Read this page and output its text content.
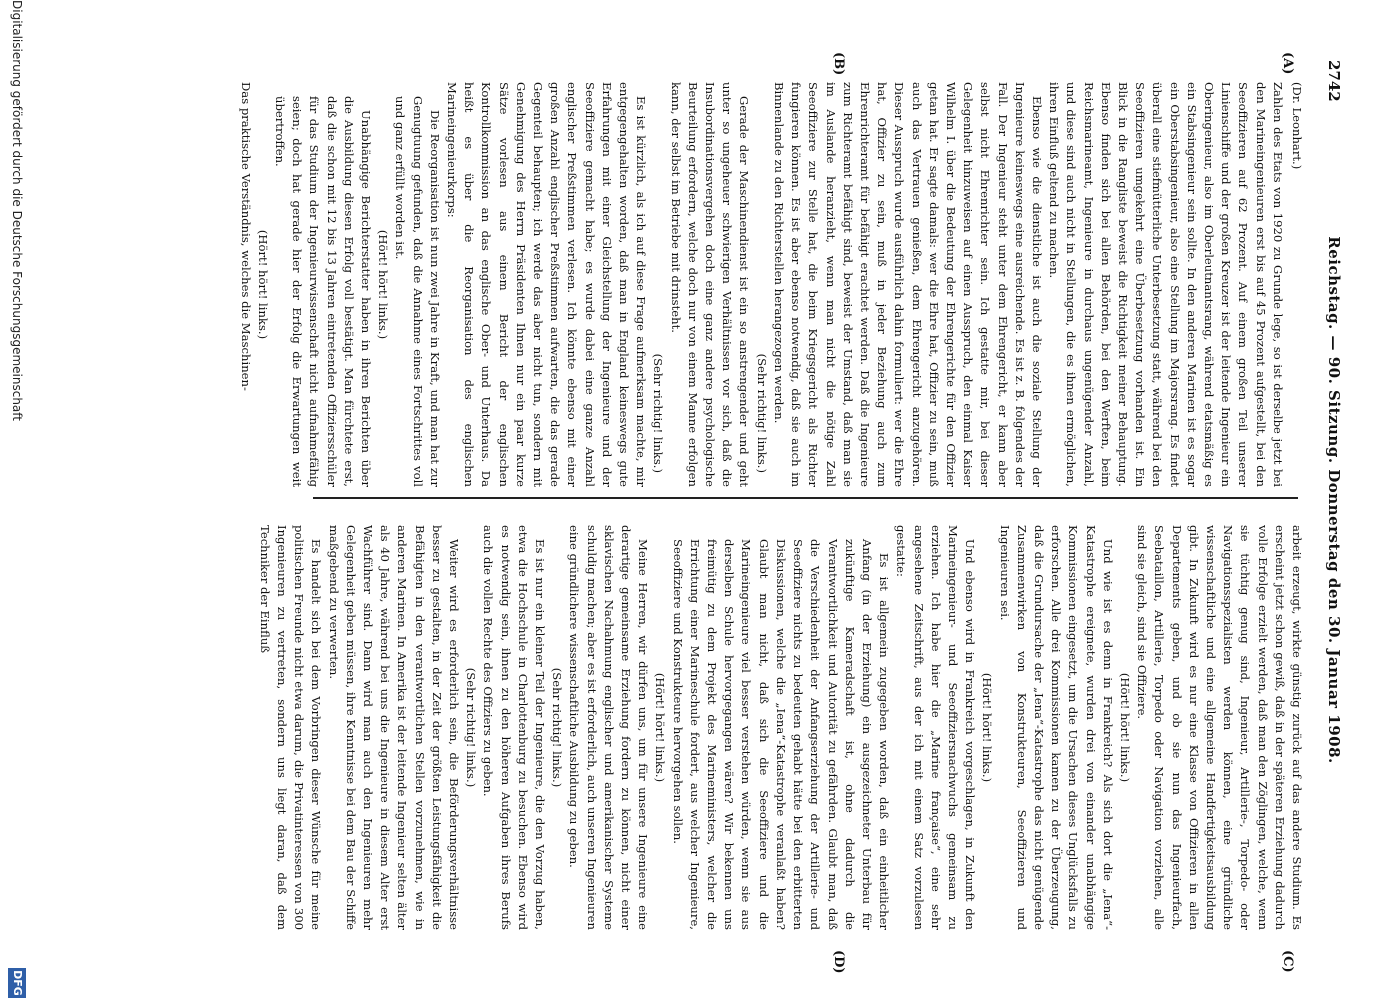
2742
Reichstag. — 90. Sitzung. Donnerstag den 30. Januar 1908.
(A)
(B)
(C)
(D)

(Dr. Leonhart.)

Zahlen des Etats von 1920 zu Grunde lege, so ist derselbe jetzt bei den Marineingenieuren erst bis auf 45 Prozent aufgestellt, bei den Seeoffizieren auf 62 Prozent. Auf einem großen Teil unserer Linienschiffe und der großen Kreuzer ist der leitende Ingenieur ein Oberingenieur, also im Oberleutnantsrang, während etatsmäßig es ein Stabsingenieur sein sollte. In den anderen Marinen ist es sogar ein Oberstabsingenieur, also eine Stellung im Majorsrang. Es findet überall eine stiefmütterliche Unterbesetzung statt, während bei den Seeoffizieren umgekehrt eine Überbesetzung vorhanden ist. Ein Blick in die Rangliste beweist die Richtigkeit meiner Behauptung. Ebenso finden sich bei allen Behörden, bei den Werften, beim Reichsmarineamt, Ingenieure in durchaus ungenügender Anzahl, und diese sind auch nicht in Stellungen, die es ihnen ermöglichen, ihren Einfluß geltend zu machen.

Ebenso wie die dienstliche ist auch die soziale Stellung der Ingenieure keineswegs eine ausreichende. Es ist z. B. folgendes der Fall. Der Ingenieur steht unter dem Ehrengericht, er kann aber selbst nicht Ehrenrichter sein. Ich gestatte mir, bei dieser Gelegenheit hinzuweisen auf einen Ausspruch, den einmal Kaiser Wilhelm I. über die Bedeutung der Ehrengerichte für den Offizier getan hat. Er sagte damals: wer die Ehre hat, Offizier zu sein, muß auch das Vertrauen genießen, dem Ehrengericht anzugehören. Dieser Ausspruch wurde ausführlich dahin formuliert: wer die Ehre hat, Offizier zu sein, muß in jeder Beziehung auch zum Ehrenrichteramt für befähigt erachtet werden. Daß die Ingenieure zum Richteramt befähigt sind, beweist der Umstand, daß man sie im Auslande heranzieht, wenn man nicht die nötige Zahl Seeoffiziere zur Stelle hat, die beim Kriegsgericht als Richter fungieren können. Es ist aber ebenso notwendig, daß sie auch im Binnenlande zu den Richterstellen herangezogen werden.

(Sehr richtig! links.)

Gerade der Maschinendienst ist ein so anstrengender und geht unter so ungeheuer schwierigen Verhältnissen vor sich, daß die Insubordinationsvergehen doch eine ganz andere psychologische Beurteilung erfordern, welche doch nur von einem Manne erfolgen kann, der selbst im Betriebe mit drinsteht.

(Sehr richtig! links.)

Es ist kürzlich, als ich auf diese Frage aufmerksam machte, mir entgegengehalten worden, daß man in England keineswegs gute Erfahrungen mit einer Gleichstellung der Ingenieure und der Seeoffiziere gemacht habe; es wurde dabei eine ganze Anzahl englischer Preßstimmen verlesen. Ich könnte ebenso mit einer großen Anzahl englischer Preßstimmen aufwarten, die das gerade Gegenteil behaupten; ich werde das aber nicht tun, sondern mit Genehmigung des Herrn Präsidenten Ihnen nur ein paar kurze Sätze vorlesen aus einem Bericht der englischen Kontrollkommission an das englische Ober- und Unterhaus. Da heißt es über die Reorganisation des englischen Marineingenieurkorps:

Die Reorganisation ist nun zwei Jahre in Kraft, und man hat zur Genugtuung gefunden, daß die Annahme eines Fortschrittes voll und ganz erfüllt worden ist.

(Hört! hört! links.)

Unabhängige Berichterstatter haben in ihren Berichten über die Ausbildung diesen Erfolg voll bestätigt. Man fürchtete erst, daß die schon mit 12 bis 13 Jahren eintretenden Offiziersschüler für das Studium der Ingenieurwissenschaft nicht aufnahmefähig seien; doch hat gerade hier der Erfolg die Erwartungen weit übertroffen.

(Hört! hört! links.)

Das praktische Verständnis, welches die Maschinen-

arbeit erzeugt, wirkte günstig zurück auf das andere Studium. Es erscheint jetzt schon gewiß, daß in der späteren Erziehung dadurch volle Erfolge erzielt werden, daß man den Zöglingen, welche, wenn sie tüchtig genug sind, Ingenieur, Artillerie-, Torpedo- oder Navigationsspezialisten werden können, eine gründliche wissenschaftliche und eine allgemeine Handfertigkeitsausbildung gibt. In Zukunft wird es nur eine Klasse von Offizieren in allen Departements geben, und ob sie nun das Ingenieurfach, Seebataillon, Artillerie, Torpedo oder Navigation vorziehen, alle sind sie gleich, sind sie Offiziere.

(Hört! hört! links.)

Und wie ist es denn in Frankreich? Als sich dort die „Iena“-Katastrophe ereignete, wurden drei von einander unabhängige Kommissionen eingesetzt, um die Ursachen dieses Unglücksfalls zu erforschen. Alle drei Kommissionen kamen zu der Überzeugung, daß die Grundursache der „Iena“-Katastrophe das nicht genügende Zusammenwirken von Konstrukteuren, Seeoffizieren und Ingenieuren sei.

(Hört! hört! links.)

Und ebenso wird in Frankreich vorgeschlagen, in Zukunft den Marineingenieur- und Seeoffiziersnachwuchs gemeinsam zu erziehen. Ich habe hier die „Marine française“, eine sehr angesehene Zeitschrift, aus der ich mit einem Satz vorzulesen gestatte:

Es ist allgemein zugegeben worden, daß ein einheitlicher Anfang (in der Erziehung) ein ausgezeichneter Unterbau für zukünftige Kameradschaft ist, ohne dadurch die Verantwortlichkeit und Autorität zu gefährden. Glaubt man, daß die Verschiedenheit der Anfangserziehung der Artillerie- und Seeoffiziere nichts zu bedeuten gehabt hätte bei den erbitterten Diskussionen, welche die „Iena“-Katastrophe veranlaßt haben? Glaubt man nicht, daß sich die Seeoffiziere und die Marineingenieure viel besser verstehen würden, wenn sie aus derselben Schule hervorgegangen wären? Wir bekennen uns freimütig zu dem Projekt des Marineministers, welcher die Errichtung einer Marineschule fordert, aus welcher Ingenieure, Seeoffiziere und Konstrukteure hervorgehen sollen.

(Hört! hört! links.)

Meine Herren, wir dürfen uns, um für unsere Ingenieure eine derartige gemeinsame Erziehung fordern zu können, nicht einer sklavischen Nachahmung englischer und amerikanischer Systeme schuldig machen; aber es ist erforderlich, auch unseren Ingenieuren eine gründlichere wissenschaftliche Ausbildung zu geben.

(Sehr richtig! links.)

Es ist nur ein kleiner Teil der Ingenieure, die den Vorzug haben, etwa die Hochschule in Charlottenburg zu besuchen. Ebenso wird es notwendig sein, ihnen zu den höheren Aufgaben ihres Berufs auch die vollen Rechte des Offiziers zu geben.

(Sehr richtig! links.)

Weiter wird es erforderlich sein, die Beförderungsverhältnisse besser zu gestalten, in der Zeit der größten Leistungsfähigkeit die Befähigten in den verantwortlichen Stellen vorzunehmen, wie in anderen Marinen. In Amerika ist der leitende Ingenieur selten älter als 40 Jahre, während bei uns die Ingenieure in diesem Alter erst Wachführer sind. Dann wird man auch den Ingenieuren mehr Gelegenheit geben müssen, ihre Kenntnisse bei dem Bau der Schiffe maßgebend zu verwerten.

Es handelt sich bei dem Vorbringen dieser Wünsche für meine politischen Freunde nicht etwa darum, die Privatinteressen von 300 Ingenieuren zu vertreten, sondern uns liegt daran, daß dem Techniker der Einfluß

Digitalisierung gefördert durch die Deutsche Forschungsgemeinschaft
DFG
